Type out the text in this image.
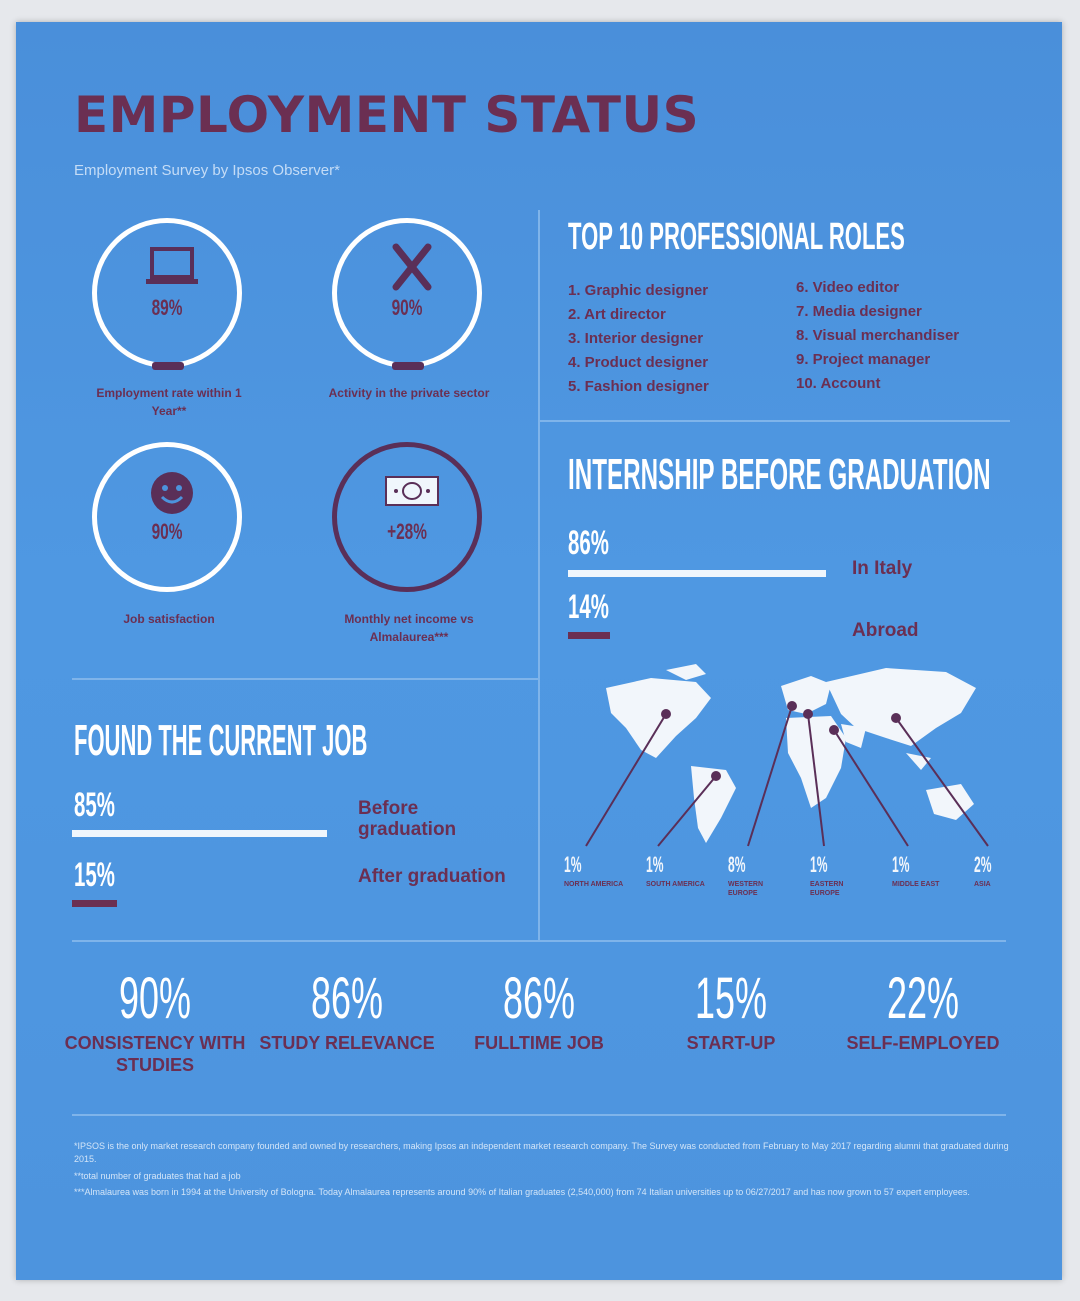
EMPLOYMENT STATUS
Employment Survey by Ipsos Observer*
89%
Employment rate within 1 Year**
90%
Activity in the private sector
90%
Job satisfaction
+28%
Monthly net income vs Almalaurea***
TOP 10 PROFESSIONAL ROLES
1. Graphic designer
2. Art director
3. Interior designer
4. Product designer
5. Fashion designer
6. Video editor
7. Media designer
8. Visual merchandiser
9. Project manager
10. Account
INTERNSHIP BEFORE GRADUATION
86%
In Italy
14%
Abroad
1%
NORTH AMERICA
1%
SOUTH AMERICA
8%
WESTERN EUROPE
1%
EASTERN EUROPE
1%
MIDDLE EAST
2%
ASIA
FOUND THE CURRENT JOB
85%	Before graduation
15%	After graduation
90%
CONSISTENCY WITH STUDIES
86%
STUDY RELEVANCE
86%
FULLTIME JOB
15%
START-UP
22%
SELF-EMPLOYED
*IPSOS is the only market research company founded and owned by researchers, making Ipsos an independent market research company. The Survey was conducted from February to May 2017 regarding alumni that graduated during 2015.
**total number of graduates that had a job
***Almalaurea was born in 1994 at the University of Bologna. Today Almalaurea represents around 90% of Italian graduates (2,540,000) from 74 Italian universities up to 06/27/2017 and has now grown to 57 expert employees.
